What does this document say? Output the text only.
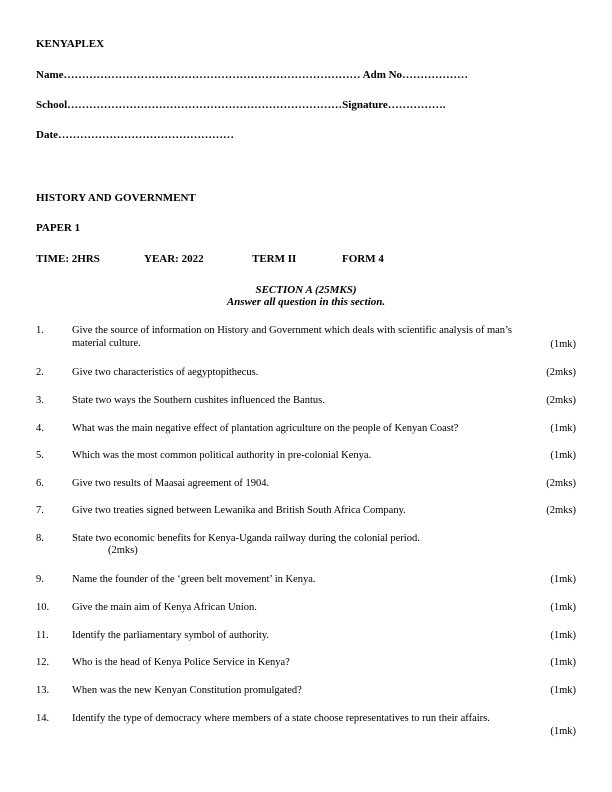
KENYAPLEX
Name……………………………………………………………………… Adm No………………
School…………………………………………………………………Signature…………….
Date…………………………………………
HISTORY AND GOVERNMENT
PAPER 1
TIME: 2HRS	YEAR: 2022	TERM II	FORM 4
SECTION A (25MKS)
Answer all question in this section.
1.	Give the source of information on History and Government which deals with scientific analysis of man’s
material culture.	(1mk)
2.	Give two characteristics of aegyptopithecus.	(2mks)
3.	State two ways the Southern cushites influenced the Bantus.	(2mks)
4.	What was the main negative effect of plantation agriculture on the people of Kenyan Coast?	(1mk)
5.	Which was the most common political authority in pre-colonial Kenya.	(1mk)
6.	Give two results of Maasai agreement of 1904.	(2mks)
7.	Give two treaties signed between Lewanika and British South Africa Company.	(2mks)
8.	State two economic benefits for Kenya-Uganda railway during the colonial period.
(2mks)
9.	Name the founder of the ‘green belt movement’ in Kenya.	(1mk)
10. Give the main aim of Kenya African Union.	(1mk)
11. Identify the parliamentary symbol of authority.	(1mk)
12. Who is the head of Kenya Police Service in Kenya?	(1mk)
13. When was the new Kenyan Constitution promulgated?	(1mk)
14. Identify the type of democracy where members of a state choose representatives to run their affairs.
(1mk)
